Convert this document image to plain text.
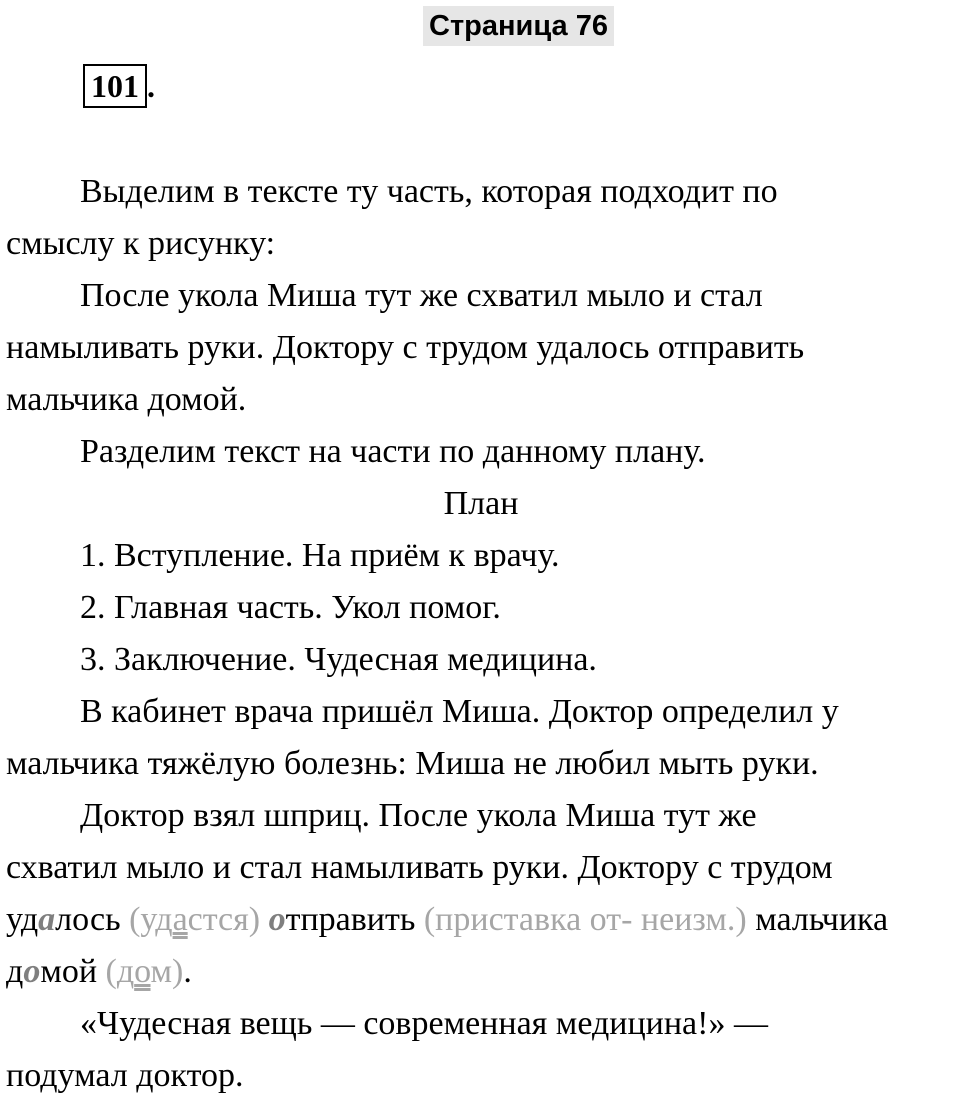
Страница 76
101 .

Выделим в тексте ту часть, которая подходит по

смыслу к рисунку:

После укола Миша тут же схватил мыло и стал

намыливать руки. Доктору с трудом удалось отправить

мальчика домой.

Разделим текст на части по данному плану.

План

1. Вступление. На приём к врачу.

2. Главная часть. Укол помог.

3. Заключение. Чудесная медицина.

В кабинет врача пришёл Миша. Доктор определил у

мальчика тяжёлую болезнь: Миша не любил мыть руки.

Доктор взял шприц. После укола Миша тут же

схватил мыло и стал намыливать руки. Доктору с трудом

удалось (удастся) отправить (приставка от- неизм.) мальчика

домой (дом).

«Чудесная вещь — современная медицина!» —

подумал доктор.
